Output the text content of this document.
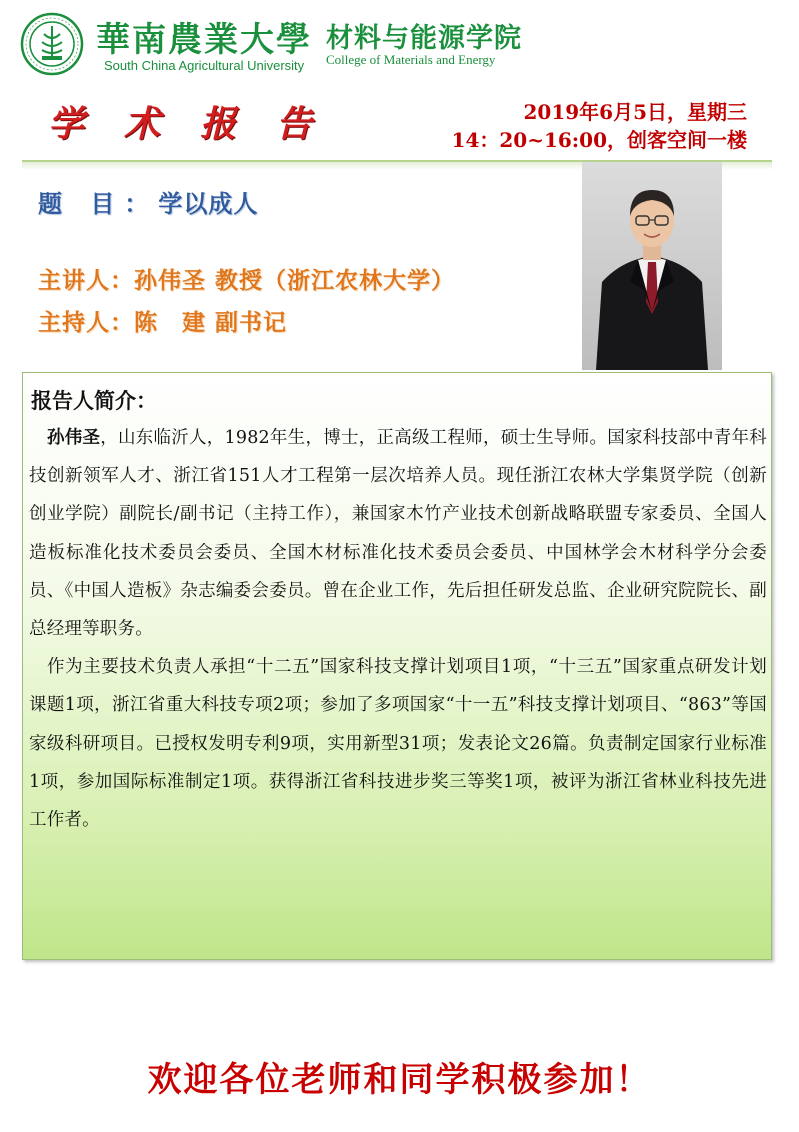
華南農業大學
South China Agricultural University
材料与能源学院
College of Materials and Energy
学术报告	2019年6月5日，星期三
14：20~16:00，创客空间一楼
题 目：学以成人
主讲人：孙伟圣 教授（浙江农林大学）
主持人：陈　建 副书记
报告人简介：

孙伟圣，山东临沂人，1982年生，博士，正高级工程师，硕士生导师。国家科技部中青年科技创新领军人才、浙江省151人才工程第一层次培养人员。现任浙江农林大学集贤学院（创新创业学院）副院长/副书记（主持工作），兼国家木竹产业技术创新战略联盟专家委员、全国人造板标准化技术委员会委员、全国木材标准化技术委员会委员、中国林学会木材科学分会委员、《中国人造板》杂志编委会委员。曾在企业工作，先后担任研发总监、企业研究院院长、副总经理等职务。

作为主要技术负责人承担“十二五”国家科技支撑计划项目1项，“十三五”国家重点研发计划课题1项，浙江省重大科技专项2项；参加了多项国家“十一五”科技支撑计划项目、“863”等国家级科研项目。已授权发明专利9项，实用新型31项；发表论文26篇。负责制定国家行业标准1项，参加国际标准制定1项。获得浙江省科技进步奖三等奖1项，被评为浙江省林业科技先进工作者。

欢迎各位老师和同学积极参加！
